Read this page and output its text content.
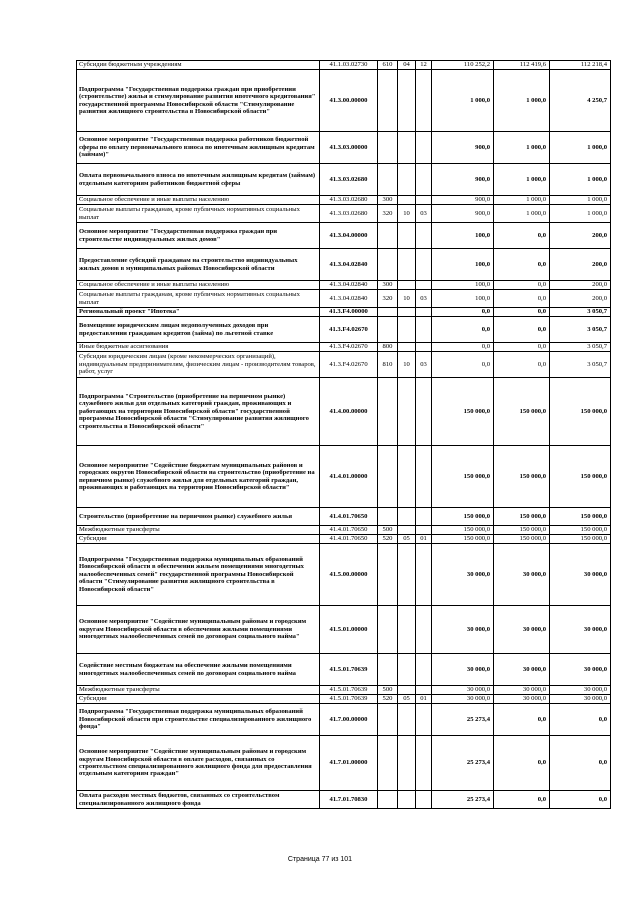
Субсидии бюджетным учреждениям	41.1.03.02730	610	04	12	110 252,2	112 419,6	112 218,4
Подпрограмма "Государственная поддержка граждан при приобретении (строительстве) жилья и стимулирование развития ипотечного кредитования" государственной программы Новосибирской области "Стимулирование развития жилищного строительства в Новосибирской области"	41.3.00.00000				1 000,0	1 000,0	4 250,7
Основное мероприятие "Государственная поддержка работников бюджетной сферы по оплату первоначального взноса по ипотечным жилищным кредитам (займам)"	41.3.03.00000				900,0	1 000,0	1 000,0
Оплата первоначального взноса по ипотечным жилищным кредитам (займам) отдельным категориям работников бюджетной сферы	41.3.03.02680				900,0	1 000,0	1 000,0
Социальное обеспечение и иные выплаты населению	41.3.03.02680	300			900,0	1 000,0	1 000,0
Социальные выплаты гражданам, кроме публичных нормативных социальных выплат	41.3.03.02680	320	10	03	900,0	1 000,0	1 000,0
Основное мероприятие "Государственная поддержка граждан при строительстве индивидуальных жилых домов"	41.3.04.00000				100,0	0,0	200,0
Предоставление субсидий гражданам на строительство индивидуальных жилых домов в муниципальных районах Новосибирской области	41.3.04.02840				100,0	0,0	200,0
Социальное обеспечение и иные выплаты населению	41.3.04.02840	300			100,0	0,0	200,0
Социальные выплаты гражданам, кроме публичных нормативных социальных выплат	41.3.04.02840	320	10	03	100,0	0,0	200,0
Региональный проект "Ипотека"	41.3.F4.00000				0,0	0,0	3 050,7
Возмещение юридическим лицам недополученных доходов при предоставлении гражданам кредитов (займа) по льготной ставке	41.3.F4.02670				0,0	0,0	3 050,7
Иные бюджетные ассигнования	41.3.F4.02670	800			0,0	0,0	3 050,7
Субсидии юридическим лицам (кроме некоммерческих организаций), индивидуальным предпринимателям, физическим лицам - производителям товаров, работ, услуг	41.3.F4.02670	810	10	03	0,0	0,0	3 050,7
Подпрограмма "Строительство (приобретение на первичном рынке) служебного жилья для отдельных категорий граждан, проживающих и работающих на территории Новосибирской области" государственной программы Новосибирской области "Стимулирование развития жилищного строительства в Новосибирской области"	41.4.00.00000				150 000,0	150 000,0	150 000,0
Основное мероприятие "Содействие бюджетам муниципальных районов и городских округов Новосибирской области на строительство (приобретение на первичном рынке) служебного жилья для отдельных категорий граждан, проживающих и работающих на территории Новосибирской области"	41.4.01.00000				150 000,0	150 000,0	150 000,0
Строительство (приобретение на первичном рынке) служебного жилья	41.4.01.70650				150 000,0	150 000,0	150 000,0
Межбюджетные трансферты	41.4.01.70650	500			150 000,0	150 000,0	150 000,0
Субсидии	41.4.01.70650	520	05	01	150 000,0	150 000,0	150 000,0
Подпрограмма "Государственная поддержка муниципальных образований Новосибирской области в обеспечении жильем помещениями многодетных малообеспеченных семей" государственной программы Новосибирской области "Стимулирование развития жилищного строительства в Новосибирской области"	41.5.00.00000				30 000,0	30 000,0	30 000,0
Основное мероприятие "Содействие муниципальным районам и городским округам Новосибирской области в обеспечении жилыми помещениями многодетных малообеспеченных семей по договорам социального найма"	41.5.01.00000				30 000,0	30 000,0	30 000,0
Содействие местным бюджетам на обеспечение жилыми помещениями многодетных малообеспеченных семей по договорам социального найма	41.5.01.70639				30 000,0	30 000,0	30 000,0
Межбюджетные трансферты	41.5.01.70639	500			30 000,0	30 000,0	30 000,0
Субсидии	41.5.01.70639	520	05	01	30 000,0	30 000,0	30 000,0
Подпрограмма "Государственная поддержка муниципальных образований Новосибирской области при строительстве специализированного жилищного фонда"	41.7.00.00000				25 273,4	0,0	0,0
Основное мероприятие "Содействие муниципальным районам и городским округам Новосибирской области в оплате расходов, связанных со строительством специализированного жилищного фонда для предоставления отдельным категориям граждан"	41.7.01.00000				25 273,4	0,0	0,0
Оплата расходов местных бюджетов, связанных со строительством специализированного жилищного фонда	41.7.01.70830				25 273,4	0,0	0,0
Страница 77 из 101
